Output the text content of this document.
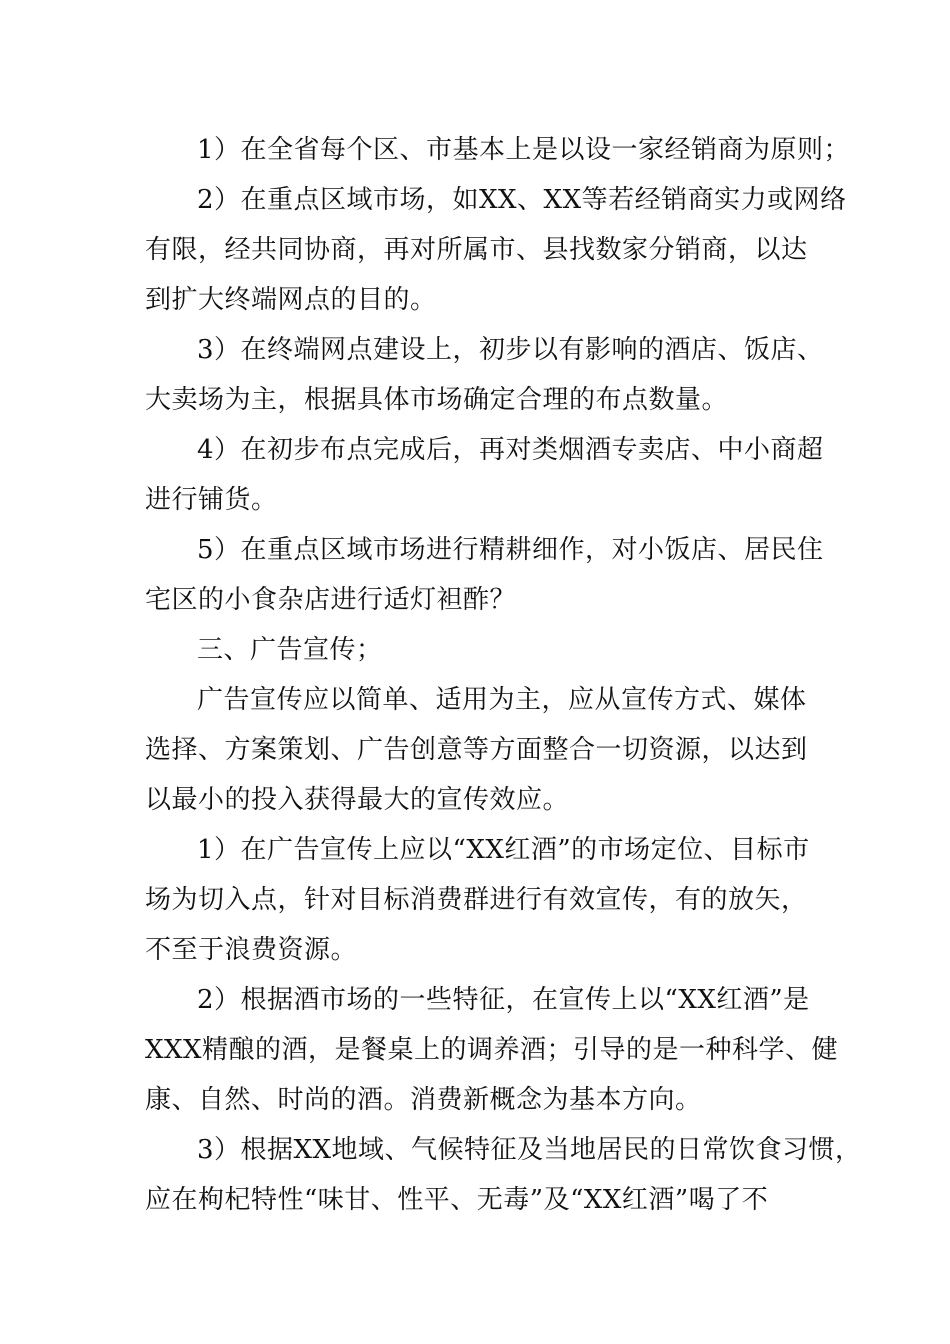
1）在全省每个区、市基本上是以设一家经销商为原则；
2）在重点区域市场，如XX、XX等若经销商实力或网络
有限，经共同协商，再对所属市、县找数家分销商，以达
到扩大终端网点的目的。
3）在终端网点建设上，初步以有影响的酒店、饭店、
大卖场为主，根据具体市场确定合理的布点数量。
4）在初步布点完成后，再对类烟酒专卖店、中小商超
进行铺货。
5）在重点区域市场进行精耕细作，对小饭店、居民住
宅区的小食杂店进行适灯袒酢？
三、广告宣传；
广告宣传应以简单、适用为主，应从宣传方式、媒体
选择、方案策划、广告创意等方面整合一切资源，以达到
以最小的投入获得最大的宣传效应。
1）在广告宣传上应以“XX红酒”的市场定位、目标市
场为切入点，针对目标消费群进行有效宣传，有的放矢，
不至于浪费资源。
2）根据酒市场的一些特征，在宣传上以“XX红酒”是
XXX精酿的酒，是餐桌上的调养酒；引导的是一种科学、健
康、自然、时尚的酒。消费新概念为基本方向。
3）根据XX地域、气候特征及当地居民的日常饮食习惯，
应在枸杞特性“味甘、性平、无毒”及“XX红酒”喝了不
